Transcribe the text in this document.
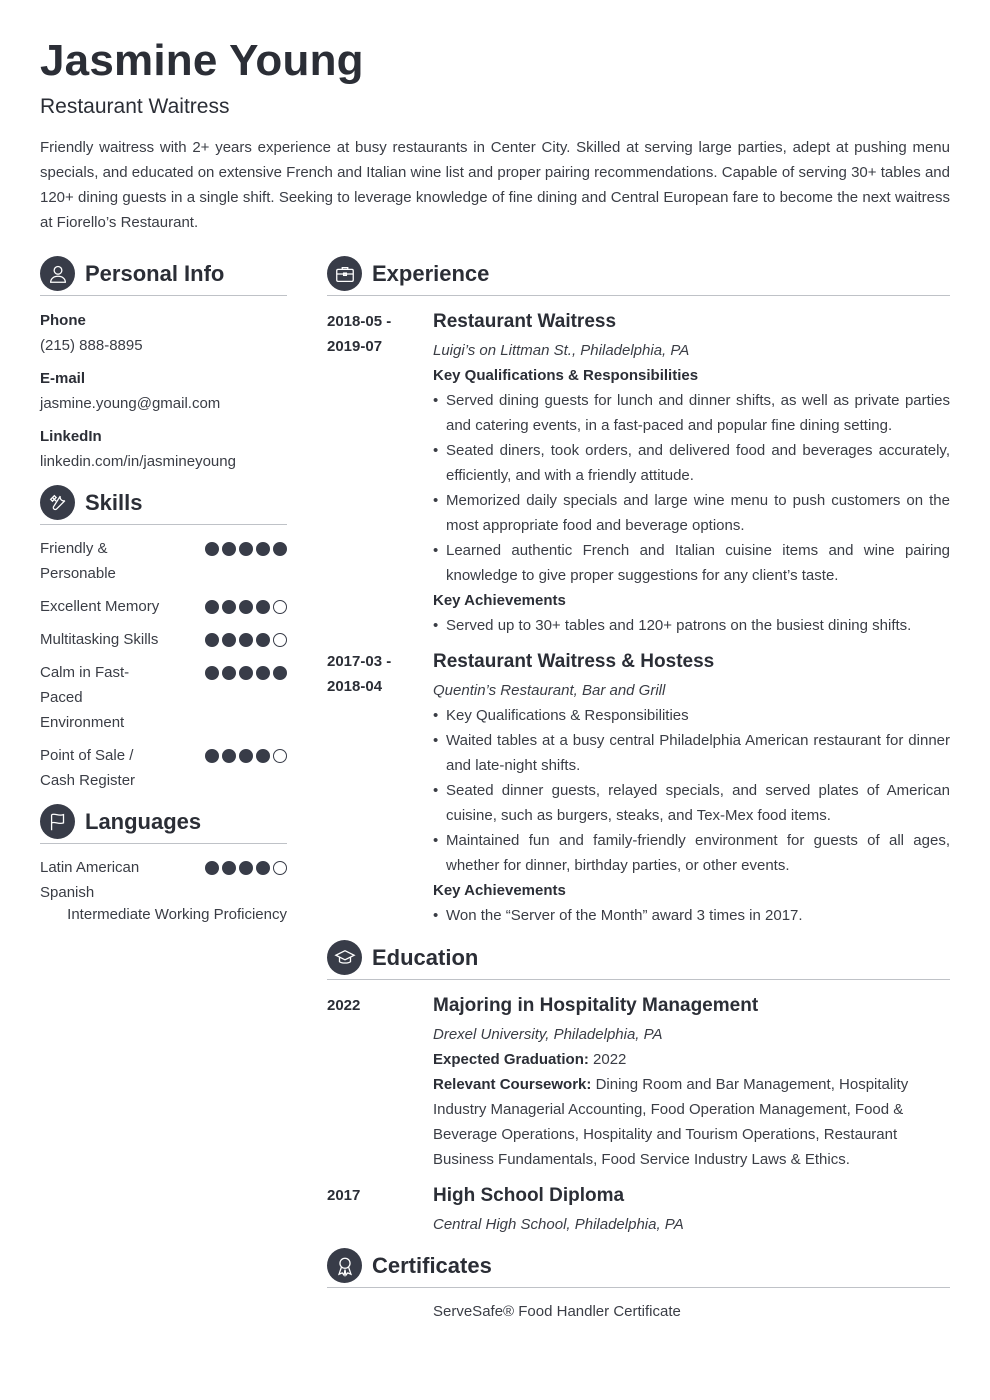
Jasmine Young
Restaurant Waitress
Friendly waitress with 2+ years experience at busy restaurants in Center City. Skilled at serving large parties, adept at pushing menu specials, and educated on extensive French and Italian wine list and proper pairing recommendations. Capable of serving 30+ tables and 120+ dining guests in a single shift. Seeking to leverage knowledge of fine dining and Central European fare to become the next waitress at Fiorello’s Restaurant.
Personal Info
Phone
(215) 888-8895
E-mail
jasmine.young@gmail.com
LinkedIn
linkedin.com/in/jasmineyoung
Skills
Friendly & Personable
Excellent Memory
Multitasking Skills
Calm in Fast-Paced Environment
Point of Sale / Cash Register
Languages
Latin American Spanish
Intermediate Working Proficiency
Experience
2018-05 -
2019-07
Restaurant Waitress
Luigi’s on Littman St., Philadelphia, PA
Key Qualifications & Responsibilities
• Served dining guests for lunch and dinner shifts, as well as private parties and catering events, in a fast-paced and popular fine dining setting.
• Seated diners, took orders, and delivered food and beverages accurately, efficiently, and with a friendly attitude.
• Memorized daily specials and large wine menu to push customers on the most appropriate food and beverage options.
• Learned authentic French and Italian cuisine items and wine pairing knowledge to give proper suggestions for any client’s taste.
Key Achievements
• Served up to 30+ tables and 120+ patrons on the busiest dining shifts.
2017-03 -
2018-04
Restaurant Waitress & Hostess
Quentin’s Restaurant, Bar and Grill
• Key Qualifications & Responsibilities
• Waited tables at a busy central Philadelphia American restaurant for dinner and late-night shifts.
• Seated dinner guests, relayed specials, and served plates of American cuisine, such as burgers, steaks, and Tex-Mex food items.
• Maintained fun and family-friendly environment for guests of all ages, whether for dinner, birthday parties, or other events.
Key Achievements
• Won the “Server of the Month” award 3 times in 2017.
Education
2022	Majoring in Hospitality Management
Drexel University, Philadelphia, PA
Expected Graduation: 2022
Relevant Coursework: Dining Room and Bar Management, Hospitality Industry Managerial Accounting, Food Operation Management, Food & Beverage Operations, Hospitality and Tourism Operations, Restaurant Business Fundamentals, Food Service Industry Laws & Ethics.
2017	High School Diploma
Central High School, Philadelphia, PA
Certificates
ServeSafe® Food Handler Certificate
